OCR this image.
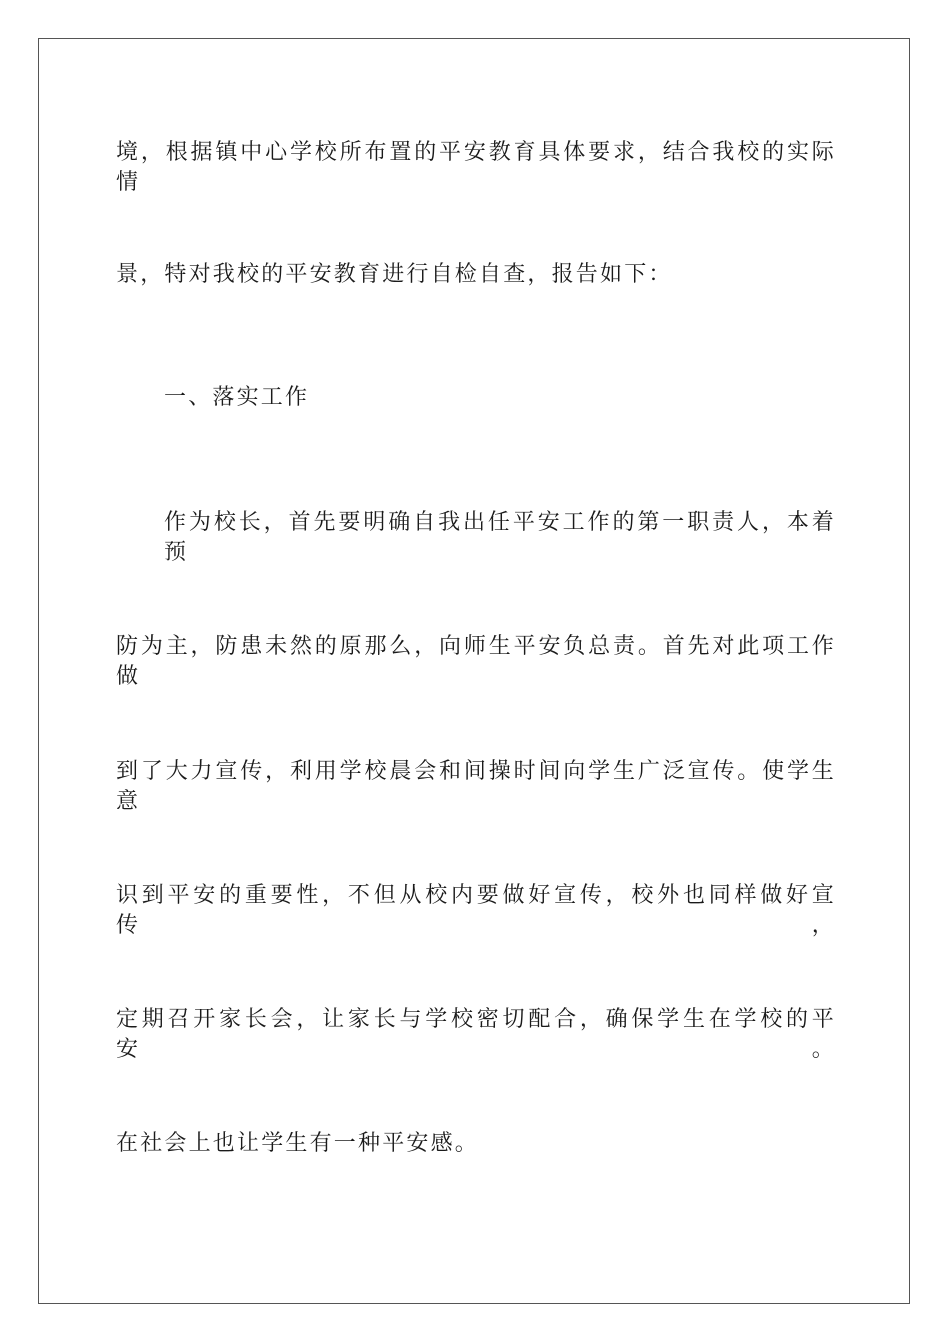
境，根据镇中心学校所布置的平安教育具体要求，结合我校的实际情
景，特对我校的平安教育进行自检自查，报告如下：
一、落实工作
作为校长，首先要明确自我出任平安工作的第一职责人，本着预
防为主，防患未然的原那么，向师生平安负总责。首先对此项工作做
到了大力宣传，利用学校晨会和间操时间向学生广泛宣传。使学生意
识到平安的重要性，不但从校内要做好宣传，校外也同样做好宣传，
定期召开家长会，让家长与学校密切配合，确保学生在学校的平安。
在社会上也让学生有一种平安感。
